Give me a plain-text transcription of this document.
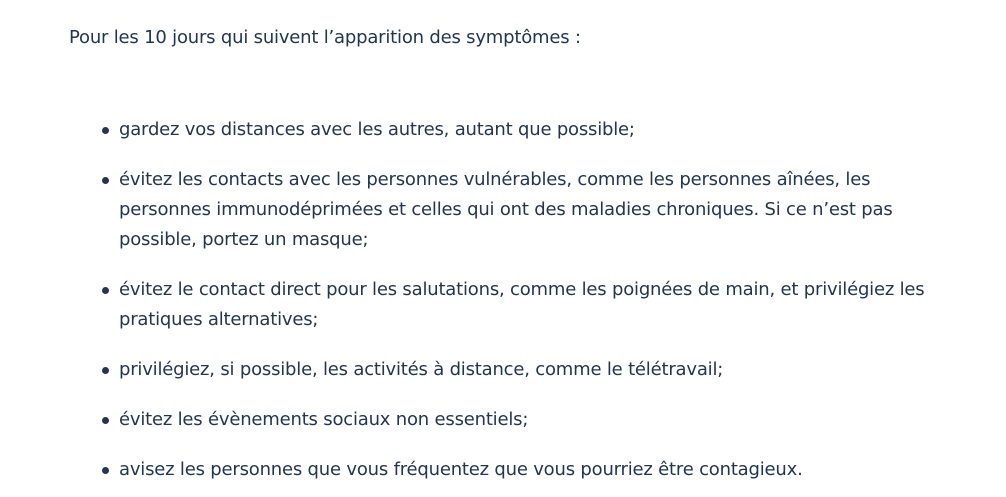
Pour les 10 jours qui suivent l’apparition des symptômes :

gardez vos distances avec les autres, autant que possible;
évitez les contacts avec les personnes vulnérables, comme les personnes aînées, les personnes immunodéprimées et celles qui ont des maladies chroniques. Si ce n’est pas possible, portez un masque;
évitez le contact direct pour les salutations, comme les poignées de main, et privilégiez les pratiques alternatives;
privilégiez, si possible, les activités à distance, comme le télétravail;
évitez les évènements sociaux non essentiels;
avisez les personnes que vous fréquentez que vous pourriez être contagieux.
